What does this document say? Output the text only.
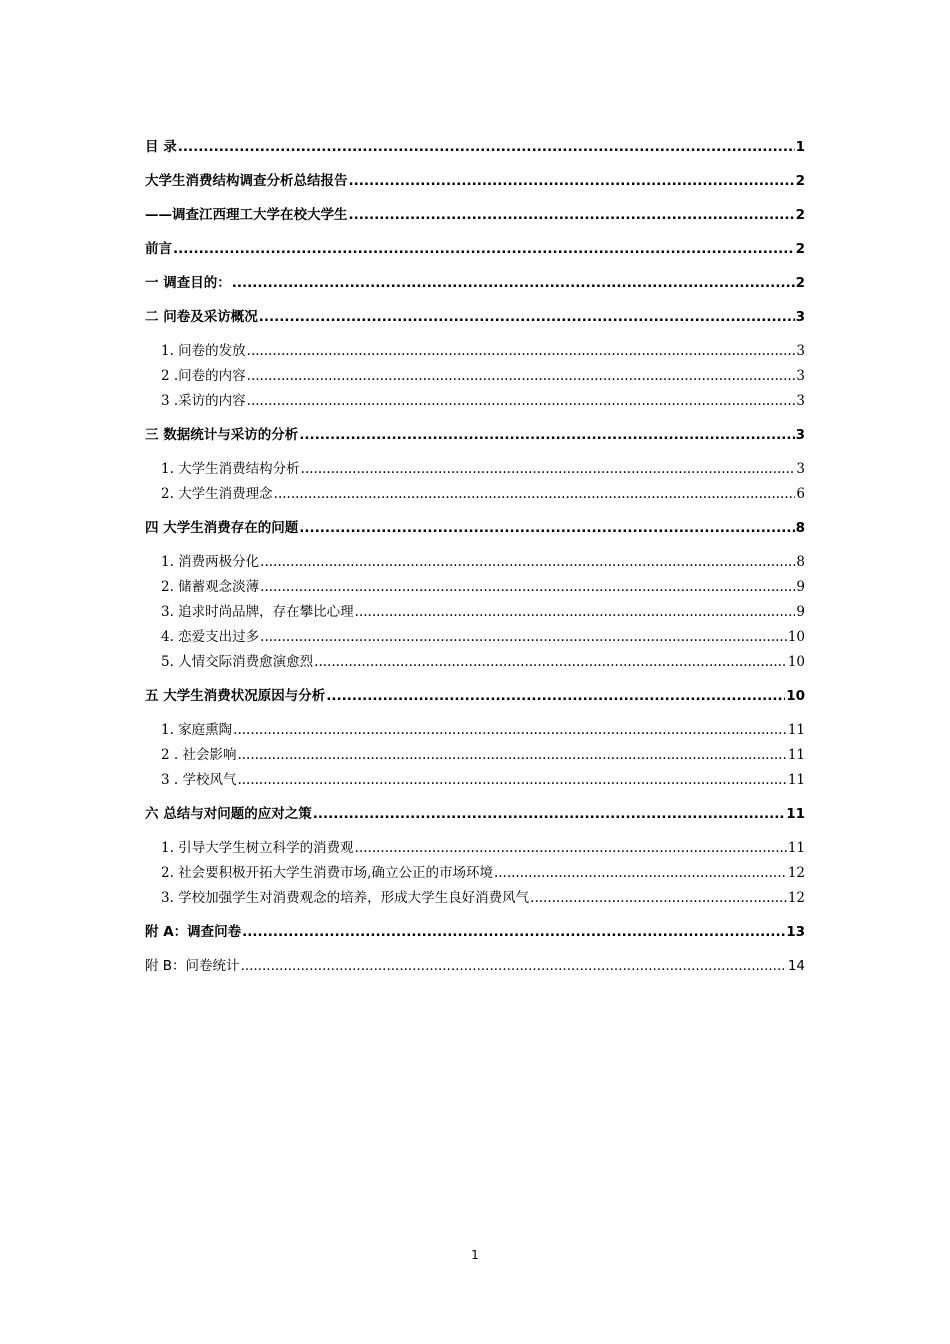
目 录 .....	1
大学生消费结构调查分析总结报告 .....	2
——调查江西理工大学在校大学生 .....	2
前言 .....	2
一 调查目的： .....	2
二 问卷及采访概况 .....	3
1. 问卷的发放 .....	3
2 .问卷的内容 .....	3
3 .采访的内容 .....	3
三 数据统计与采访的分析 .....	3
1. 大学生消费结构分析 .....	3
2. 大学生消费理念 .....	6
四 大学生消费存在的问题 .....	8
1. 消费两极分化 .....	8
2. 储蓄观念淡薄 .....	9
3. 追求时尚品牌，存在攀比心理 .....	9
4. 恋爱支出过多 .....	10
5. 人情交际消费愈演愈烈 .....	10
五 大学生消费状况原因与分析 .....	10
1. 家庭熏陶 .....	11
2 . 社会影响 .....	11
3 . 学校风气 .....	11
六 总结与对问题的应对之策 .....	11
1. 引导大学生树立科学的消费观 .....	11
2. 社会要积极开拓大学生消费市场,确立公正的市场环境 .....	12
3. 学校加强学生对消费观念的培养，形成大学生良好消费风气 .....	12
附 A：调查问卷 .....	13
附 B：问卷统计 .....	14
1
